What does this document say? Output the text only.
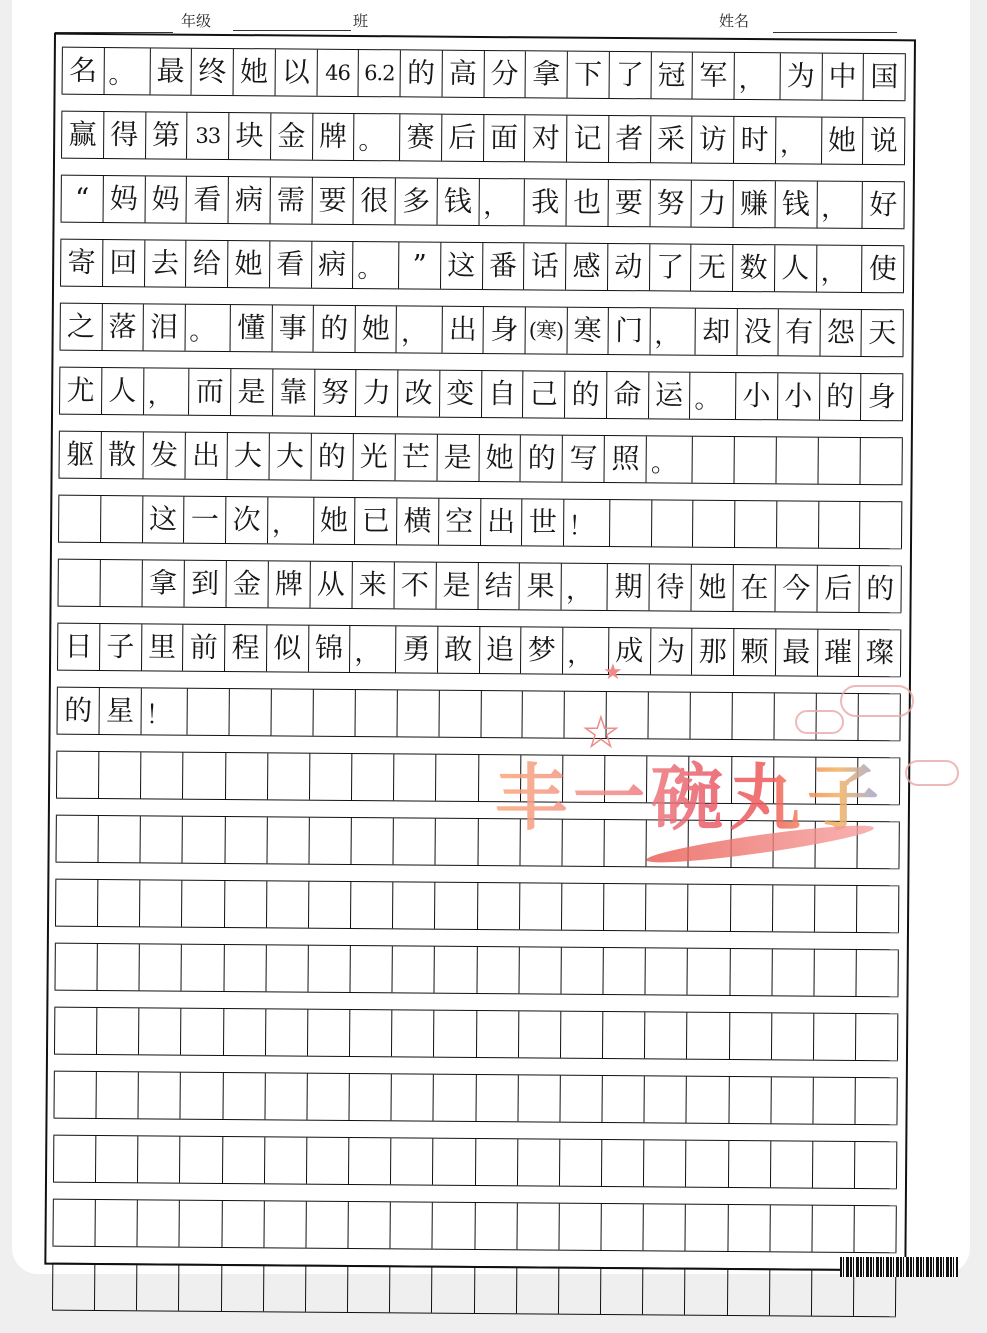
年级	班	姓名
名 。 最 终 她 以 46 6.2 的 高 分 拿 下 了 冠 军 ， 为 中 国
赢 得 第 33 块 金 牌 。 赛 后 面 对 记 者 采 访 时 ， 她 说
“ 妈 妈 看 病 需 要 很 多 钱 ， 我 也 要 努 力 赚 钱 ， 好
寄 回 去 给 她 看 病 。	” 这 番 话 感 动 了 无 数 人 ， 使
之 落 泪 。 懂 事 的 她 ， 出 身 (寒) 寒 门 ， 却 没 有 怨 天
尤 人 ， 而 是 靠 努 力 改 变 自 己 的 命 运 。 小 小 的 身
躯 散 发 出 大 大 的 光 芒 是 她 的 写 照 。
这 一 次 ， 她 已 横 空 出 世 ！
拿 到 金 牌 从 来 不 是 结 果 ， 期 待 她 在 今 后 的
日 子 里 前 程 似 锦 ， 勇 敢 追 梦 ， 成 为 那 颗 最 璀 璨
的 星 ！
★
